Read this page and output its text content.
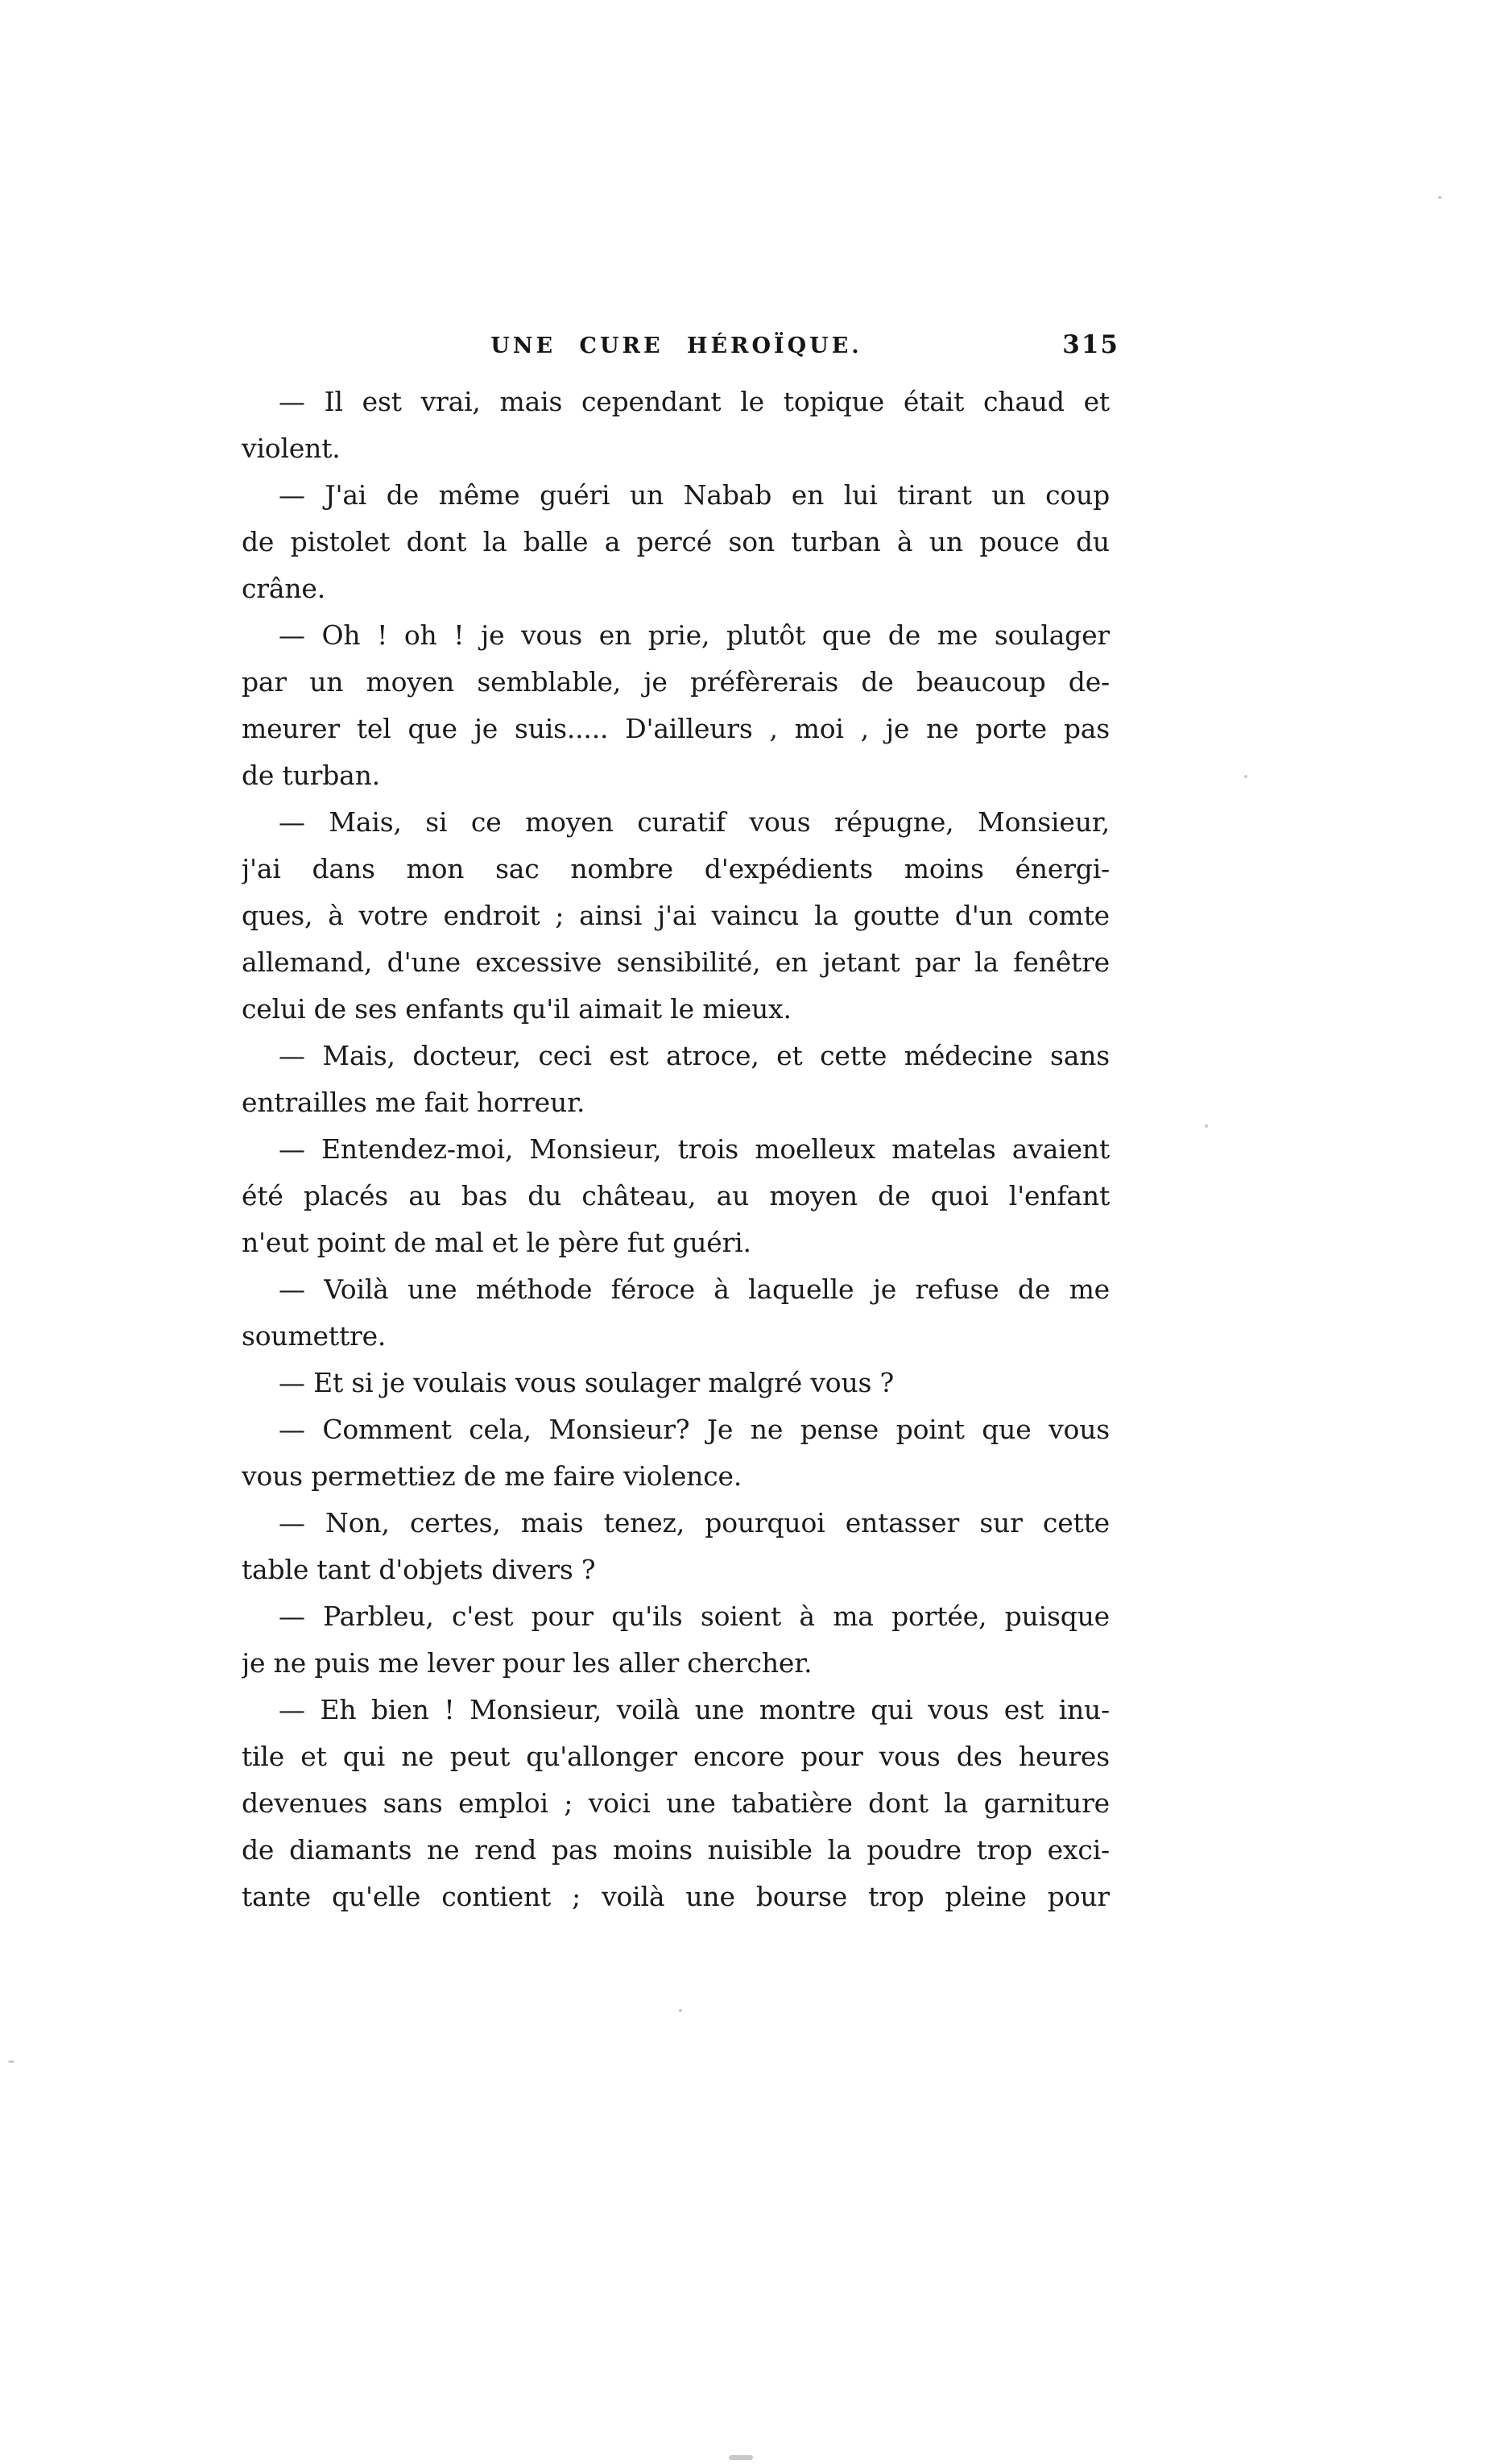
UNE CURE HÉROÏQUE.	315
— Il est vrai, mais cependant le topique était chaud et
violent.
— J'ai de même guéri un Nabab en lui tirant un coup
de pistolet dont la balle a percé son turban à un pouce du
crâne.
— Oh ! oh ! je vous en prie, plutôt que de me soulager
par un moyen semblable, je préfèrerais de beaucoup de-
meurer tel que je suis..... D'ailleurs , moi , je ne porte pas
de turban.
— Mais, si ce moyen curatif vous répugne, Monsieur,
j'ai dans mon sac nombre d'expédients moins énergi-
ques, à votre endroit ; ainsi j'ai vaincu la goutte d'un comte
allemand, d'une excessive sensibilité, en jetant par la fenêtre
celui de ses enfants qu'il aimait le mieux.
— Mais, docteur, ceci est atroce, et cette médecine sans
entrailles me fait horreur.
— Entendez-moi, Monsieur, trois moelleux matelas avaient
été placés au bas du château, au moyen de quoi l'enfant
n'eut point de mal et le père fut guéri.
— Voilà une méthode féroce à laquelle je refuse de me
soumettre.
— Et si je voulais vous soulager malgré vous ?
— Comment cela, Monsieur? Je ne pense point que vous
vous permettiez de me faire violence.
— Non, certes, mais tenez, pourquoi entasser sur cette
table tant d'objets divers ?
— Parbleu, c'est pour qu'ils soient à ma portée, puisque
je ne puis me lever pour les aller chercher.
— Eh bien ! Monsieur, voilà une montre qui vous est inu-
tile et qui ne peut qu'allonger encore pour vous des heures
devenues sans emploi ; voici une tabatière dont la garniture
de diamants ne rend pas moins nuisible la poudre trop exci-
tante qu'elle contient ; voilà une bourse trop pleine pour
